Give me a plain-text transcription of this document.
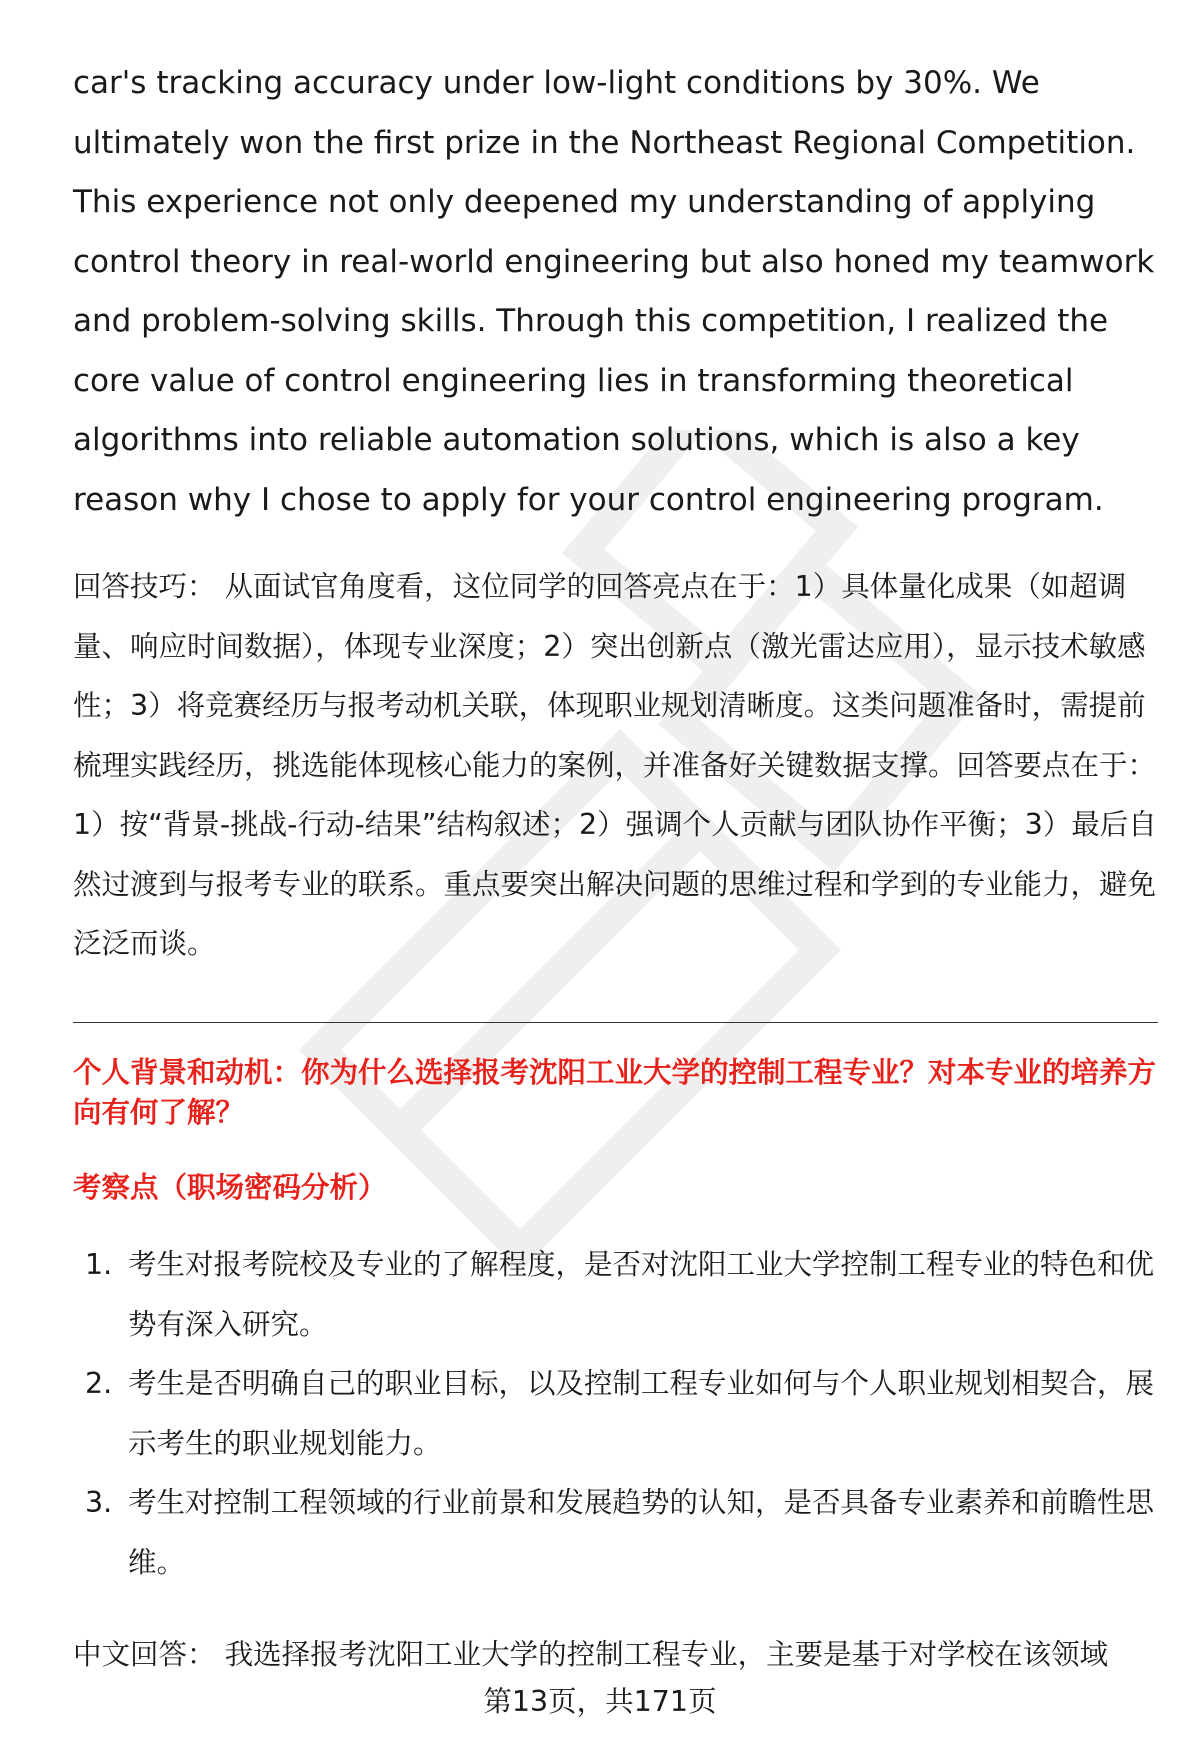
car's tracking accuracy under low-light conditions by 30%. We ultimately won the first prize in the Northeast Regional Competition. This experience not only deepened my understanding of applying control theory in real-world engineering but also honed my teamwork and problem-solving skills. Through this competition, I realized the core value of control engineering lies in transforming theoretical algorithms into reliable automation solutions, which is also a key reason why I chose to apply for your control engineering program.

回答技巧： 从面试官角度看，这位同学的回答亮点在于：1）具体量化成果（如超调量、响应时间数据），体现专业深度；2）突出创新点（激光雷达应用），显示技术敏感性；3）将竞赛经历与报考动机关联，体现职业规划清晰度。这类问题准备时，需提前梳理实践经历，挑选能体现核心能力的案例，并准备好关键数据支撑。回答要点在于：1）按“背景-挑战-行动-结果”结构叙述；2）强调个人贡献与团队协作平衡；3）最后自然过渡到与报考专业的联系。重点要突出解决问题的思维过程和学到的专业能力，避免泛泛而谈。

个人背景和动机：你为什么选择报考沈阳工业大学的控制工程专业？对本专业的培养方向有何了解？

考察点（职场密码分析）

1. 考生对报考院校及专业的了解程度，是否对沈阳工业大学控制工程专业的特色和优势有深入研究。
2. 考生是否明确自己的职业目标，以及控制工程专业如何与个人职业规划相契合，展示考生的职业规划能力。
3. 考生对控制工程领域的行业前景和发展趋势的认知，是否具备专业素养和前瞻性思维。

中文回答： 我选择报考沈阳工业大学的控制工程专业，主要是基于对学校在该领域

第13页，共171页
